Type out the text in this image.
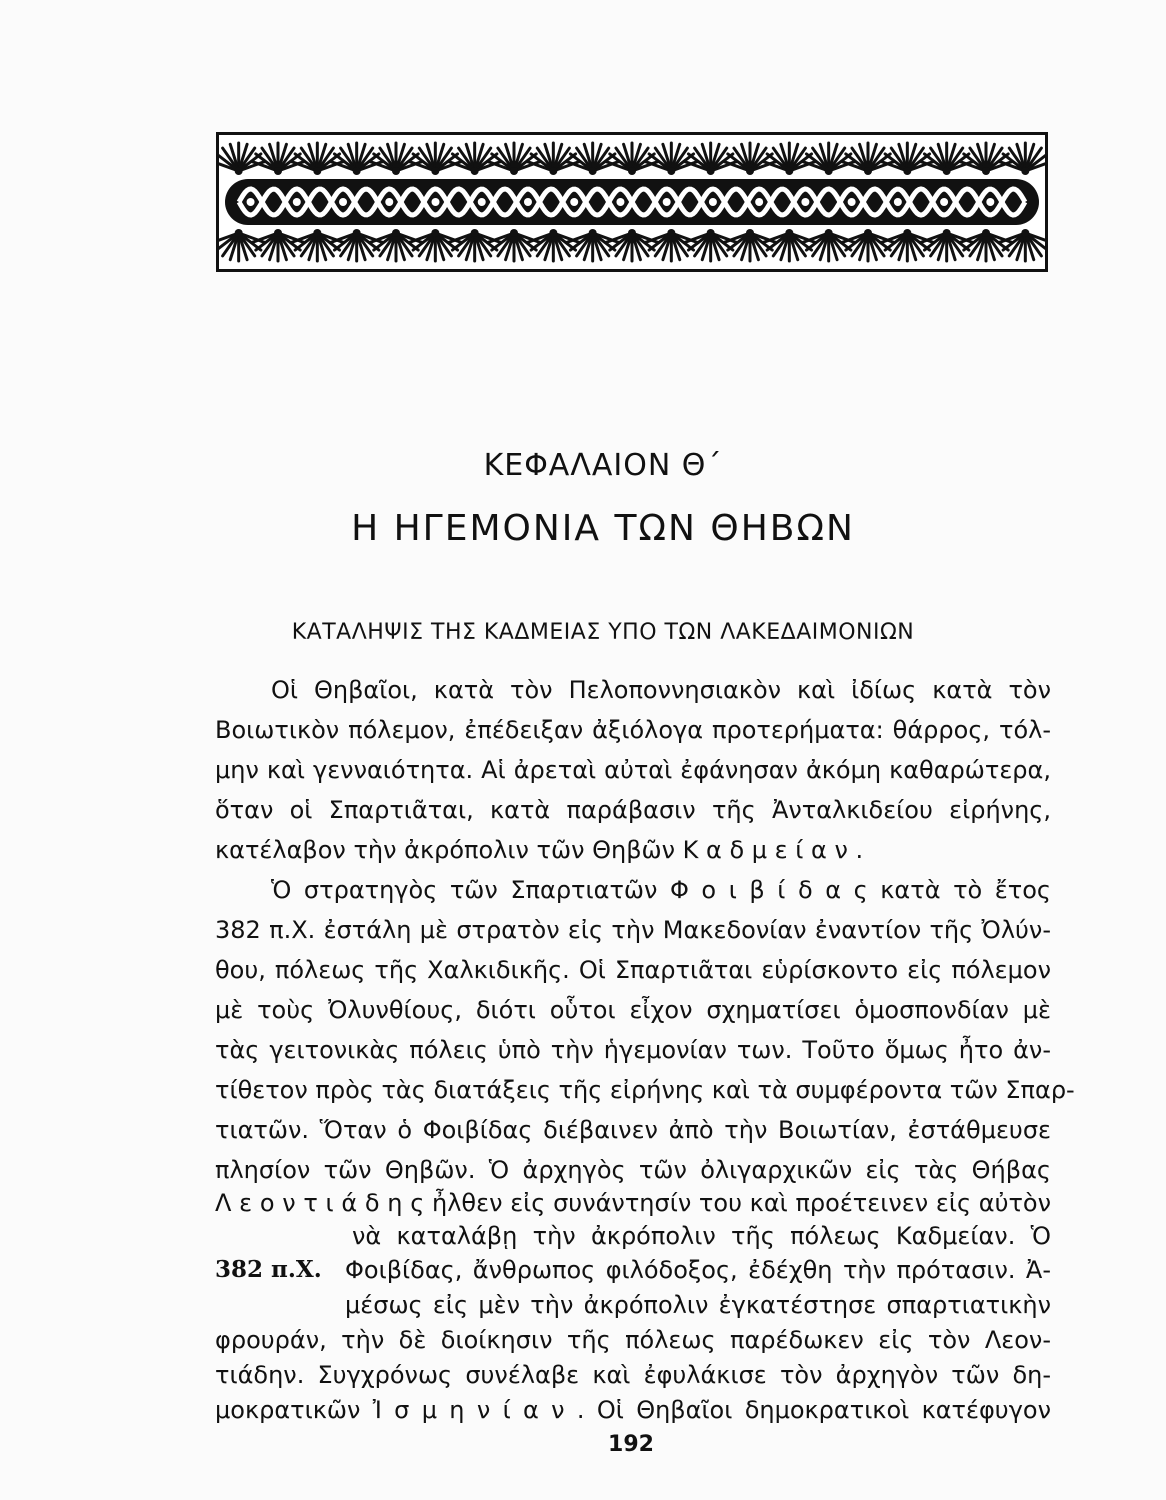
ΚΕΦΑΛΑΙΟΝ Θ΄
Η ΗΓΕΜΟΝΙΑ ΤΩΝ ΘΗΒΩΝ
ΚΑΤΑΛΗΨΙΣ ΤΗΣ ΚΑΔΜΕΙΑΣ ΥΠΟ ΤΩΝ ΛΑΚΕΔΑΙΜΟΝΙΩΝ
Οἱ Θηβαῖοι, κατὰ τὸν Πελοποννησιακὸν καὶ ἰδίως κατὰ τὸν
Βοιωτικὸν πόλεμον, ἐπέδειξαν ἀξιόλογα προτερήματα: θάρρος, τόλ-
μην καὶ γενναιότητα. Αἱ ἀρεταὶ αὐταὶ ἐφάνησαν ἀκόμη καθαρώτερα,
ὅταν οἱ Σπαρτιᾶται, κατὰ παράβασιν τῆς Ἀνταλκιδείου εἰρήνης,
κατέλαβον τὴν ἀκρόπολιν τῶν Θηβῶν Κ α δ μ ε ί α ν .
Ὁ στρατηγὸς τῶν Σπαρτιατῶν Φ ο ι β ί δ α ς κατὰ τὸ ἔτος
382 π.Χ. ἐστάλη μὲ στρατὸν εἰς τὴν Μακεδονίαν ἐναντίον τῆς Ὀλύν-
θου, πόλεως τῆς Χαλκιδικῆς. Οἱ Σπαρτιᾶται εὑρίσκοντο εἰς πόλεμον
μὲ τοὺς Ὀλυνθίους, διότι οὗτοι εἶχον σχηματίσει ὁμοσπονδίαν μὲ
τὰς γειτονικὰς πόλεις ὑπὸ τὴν ἡγεμονίαν των. Τοῦτο ὅμως ἦτο ἀν-
τίθετον πρὸς τὰς διατάξεις τῆς εἰρήνης καὶ τὰ συμφέροντα τῶν Σπαρ-
τιατῶν. Ὅταν ὁ Φοιβίδας διέβαινεν ἀπὸ τὴν Βοιωτίαν, ἐστάθμευσε
πλησίον τῶν Θηβῶν. Ὁ ἀρχηγὸς τῶν ὀλιγαρχικῶν εἰς τὰς Θήβας
Λ ε ο ν τ ι ά δ η ς ἦλθεν εἰς συνάντησίν του καὶ προέτεινεν εἰς αὐτὸν
νὰ καταλάβῃ τὴν ἀκρόπολιν τῆς πόλεως Καδμείαν. Ὁ
382 π.Χ. Φοιβίδας, ἄνθρωπος φιλόδοξος, ἐδέχθη τὴν πρότασιν. Ἀ-
μέσως εἰς μὲν τὴν ἀκρόπολιν ἐγκατέστησε σπαρτιατικὴν
φρουράν, τὴν δὲ διοίκησιν τῆς πόλεως παρέδωκεν εἰς τὸν Λεον-
τιάδην. Συγχρόνως συνέλαβε καὶ ἐφυλάκισε τὸν ἀρχηγὸν τῶν δη-
μοκρατικῶν Ἰ σ μ η ν ί α ν . Οἱ Θηβαῖοι δημοκρατικοὶ κατέφυγον
192
